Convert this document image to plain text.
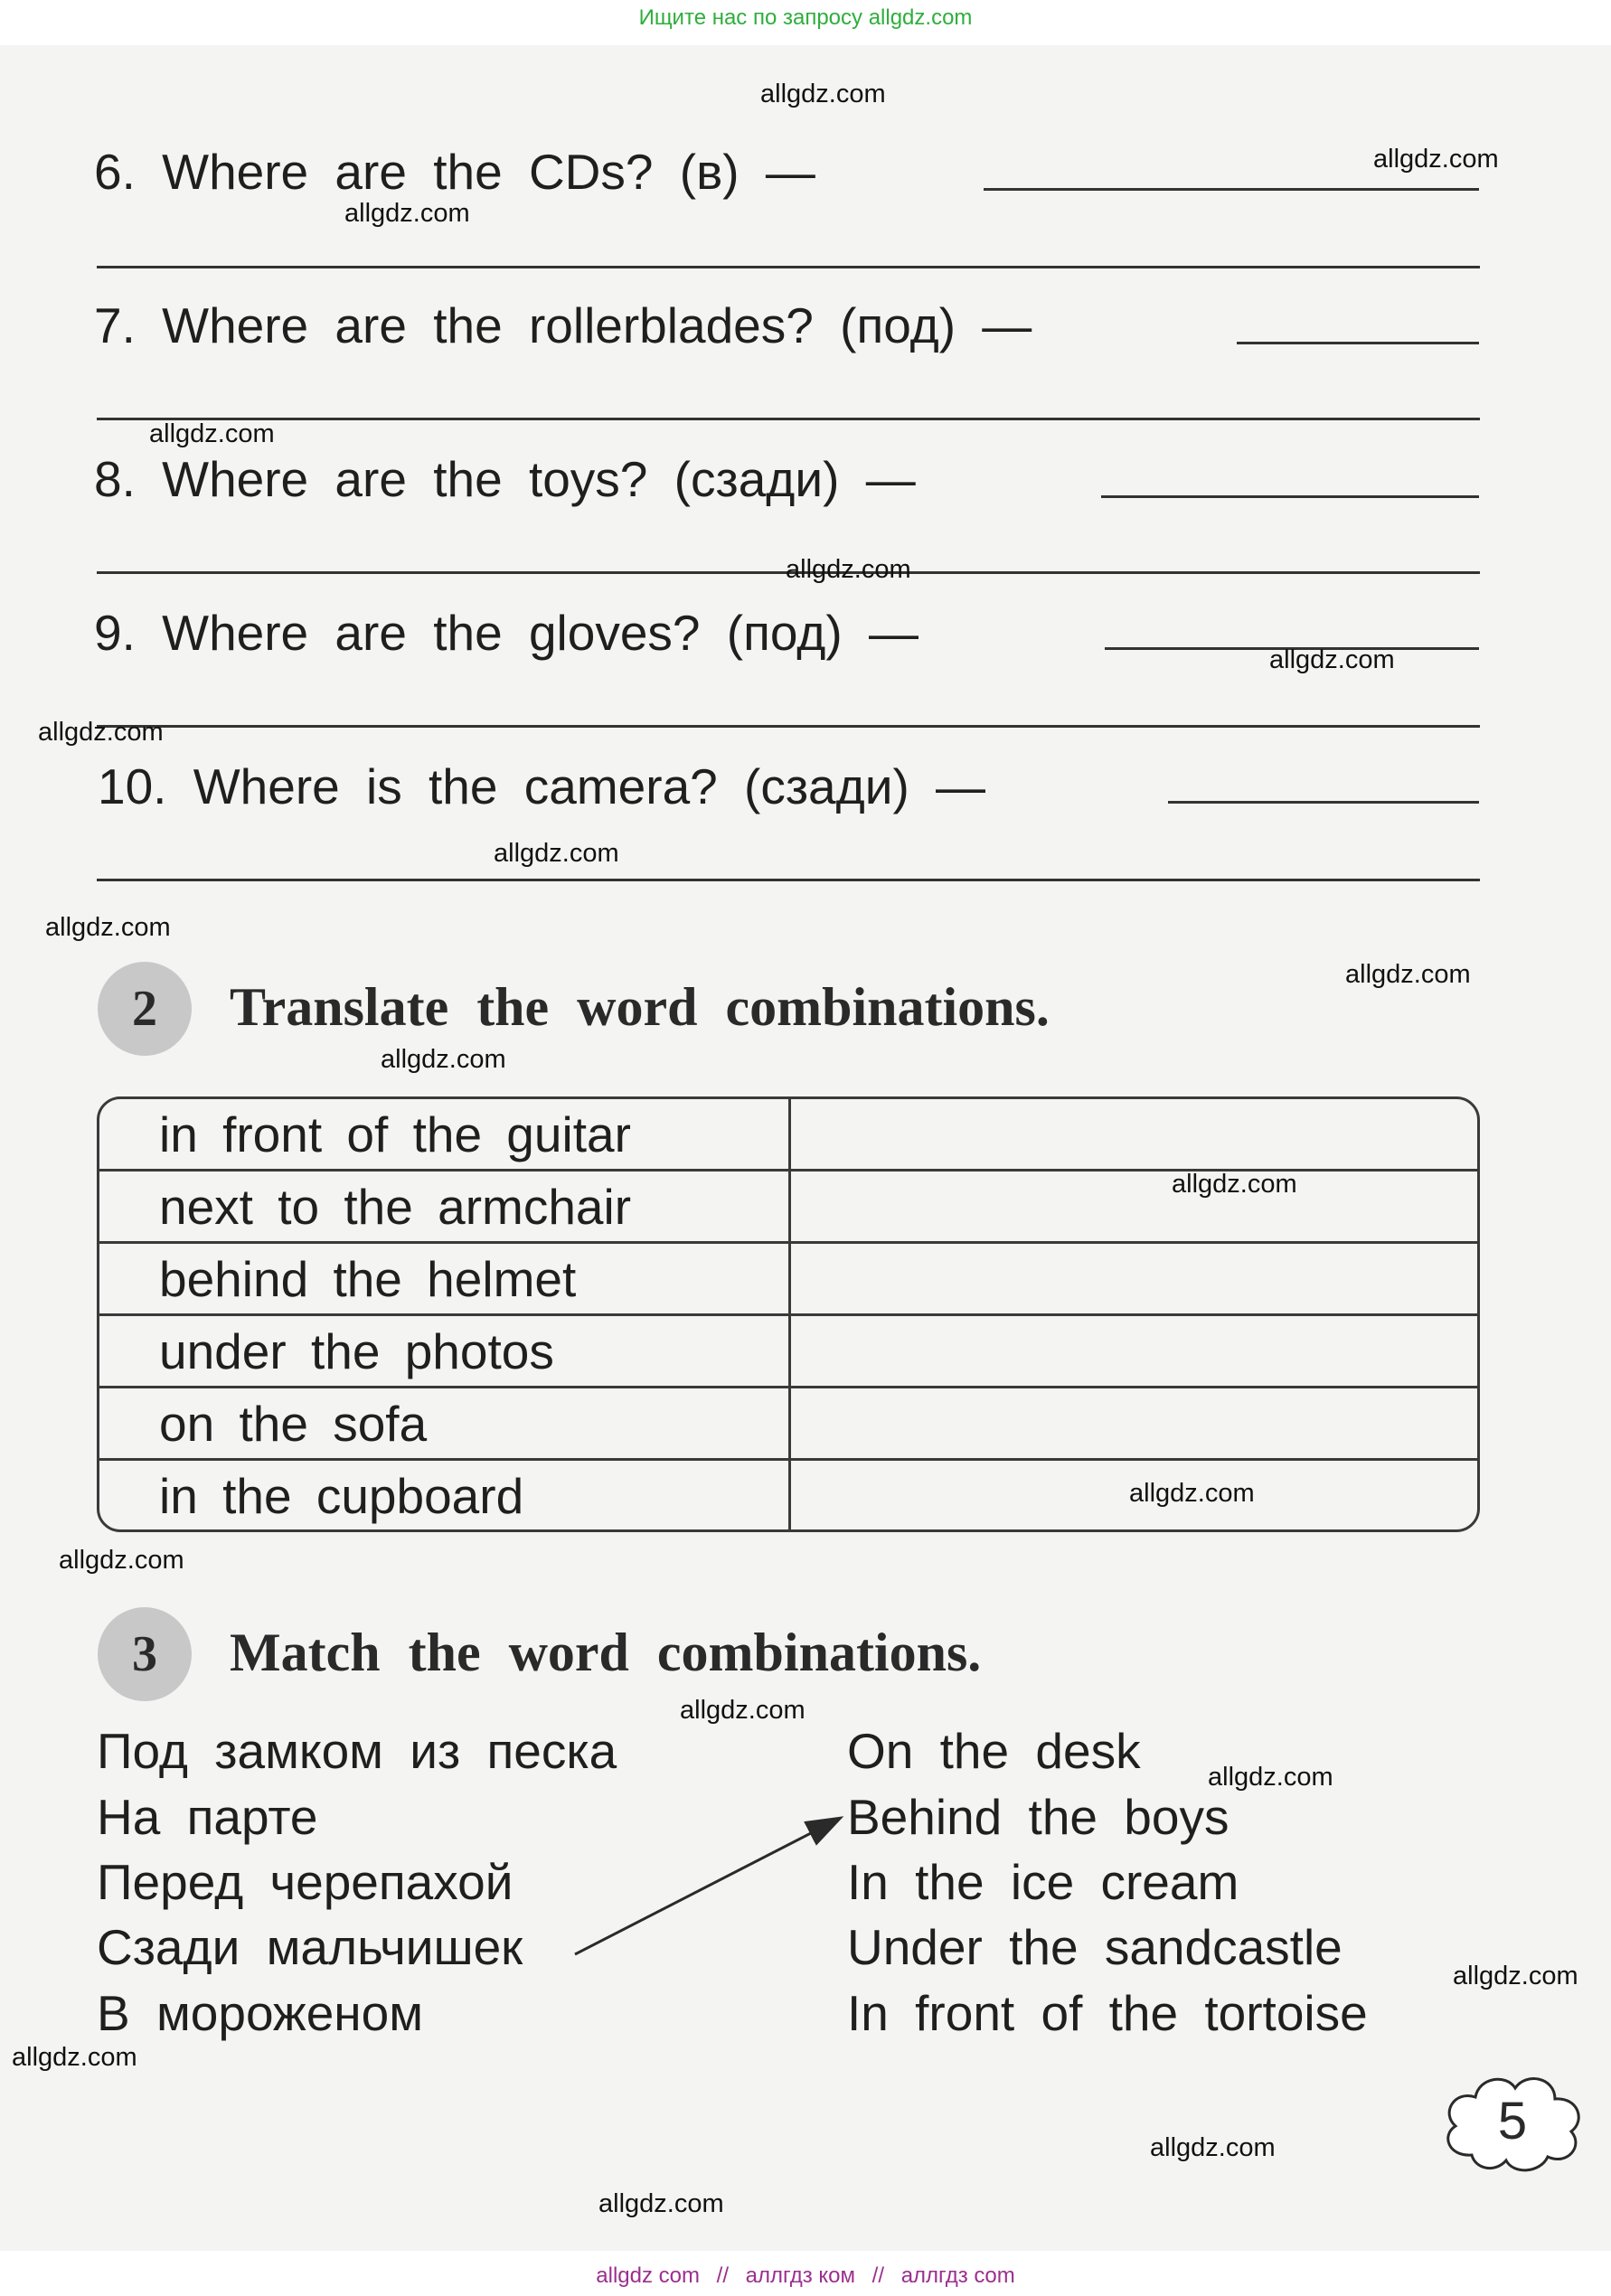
Ищите нас по запросу allgdz.com
6. Where are the CDs? (в) —
7. Where are the rollerblades? (под) —
8. Where are the toys? (сзади) —
9. Where are the gloves? (под) —
10. Where is the camera? (сзади) —
2	Translate the word combinations.
in front of the guitar
next to the armchair
behind the helmet
under the photos
on the sofa
in the cupboard
3	Match the word combinations.
Под замком из песка
На парте
Перед черепахой
Сзади мальчишек
В мороженом
On the desk
Behind the boys
In the ice cream
Under the sandcastle
In front of the tortoise
5
allgdz.com
allgdz.com
allgdz.com
allgdz.com
allgdz.com
allgdz.com
allgdz.com
allgdz.com
allgdz.com
allgdz.com
allgdz.com
allgdz.com
allgdz.com
allgdz.com
allgdz.com
allgdz.com
allgdz.com
allgdz.com
allgdz.com
allgdz.com
allgdz com // аллгдз ком // аллгдз com
